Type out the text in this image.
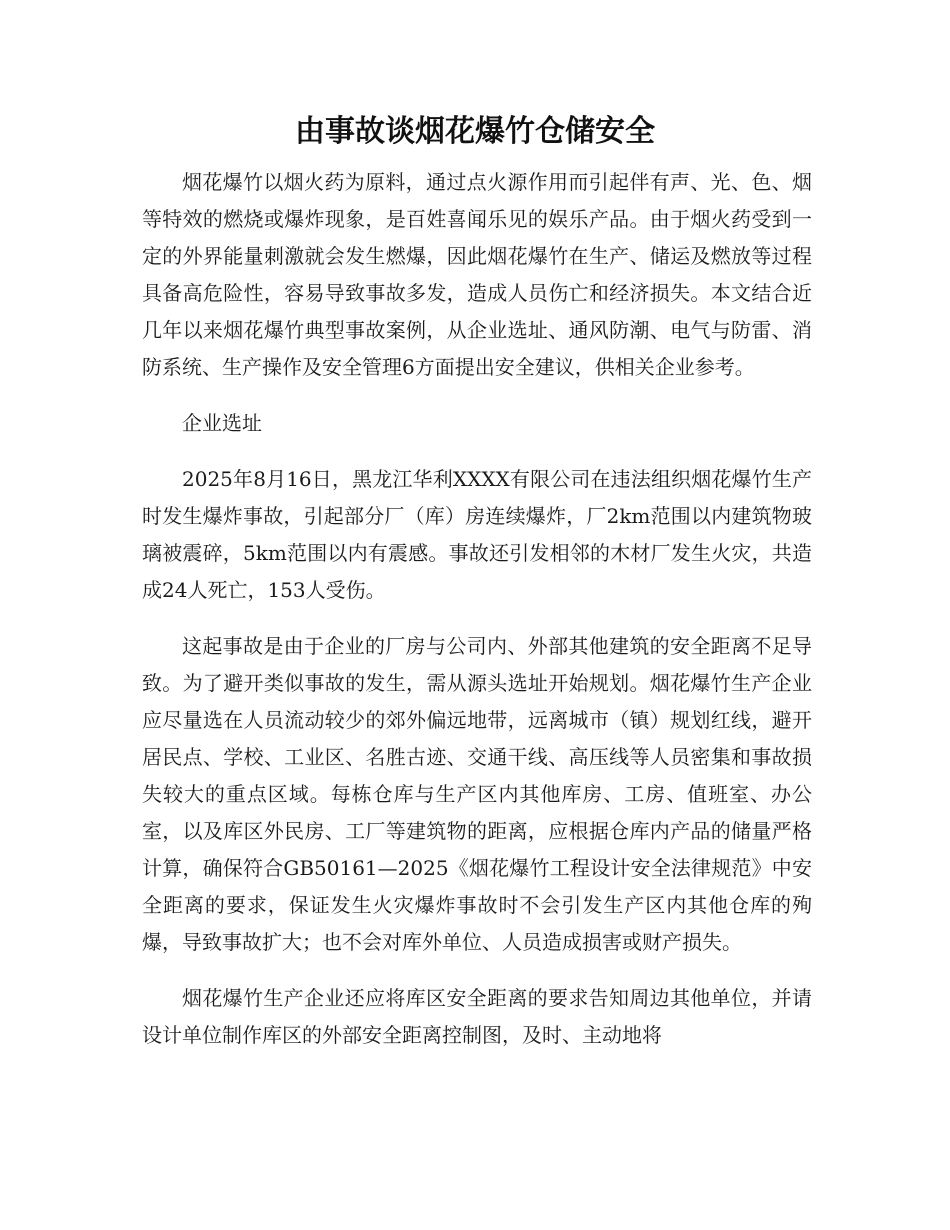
由事故谈烟花爆竹仓储安全

烟花爆竹以烟火药为原料，通过点火源作用而引起伴有声、光、色、烟等特效的燃烧或爆炸现象，是百姓喜闻乐见的娱乐产品。由于烟火药受到一定的外界能量刺激就会发生燃爆，因此烟花爆竹在生产、储运及燃放等过程具备高危险性，容易导致事故多发，造成人员伤亡和经济损失。本文结合近几年以来烟花爆竹典型事故案例，从企业选址、通风防潮、电气与防雷、消防系统、生产操作及安全管理6方面提出安全建议，供相关企业参考。

企业选址

2025年8月16日，黑龙江华利XXXX有限公司在违法组织烟花爆竹生产时发生爆炸事故，引起部分厂（库）房连续爆炸，厂2km范围以内建筑物玻璃被震碎，5km范围以内有震感。事故还引发相邻的木材厂发生火灾，共造成24人死亡，153人受伤。

这起事故是由于企业的厂房与公司内、外部其他建筑的安全距离不足导致。为了避开类似事故的发生，需从源头选址开始规划。烟花爆竹生产企业应尽量选在人员流动较少的郊外偏远地带，远离城市（镇）规划红线，避开居民点、学校、工业区、名胜古迹、交通干线、高压线等人员密集和事故损失较大的重点区域。每栋仓库与生产区内其他库房、工房、值班室、办公室，以及库区外民房、工厂等建筑物的距离，应根据仓库内产品的储量严格计算，确保符合GB50161—2025《烟花爆竹工程设计安全法律规范》中安全距离的要求，保证发生火灾爆炸事故时不会引发生产区内其他仓库的殉爆，导致事故扩大；也不会对库外单位、人员造成损害或财产损失。

烟花爆竹生产企业还应将库区安全距离的要求告知周边其他单位，并请设计单位制作库区的外部安全距离控制图，及时、主动地将
